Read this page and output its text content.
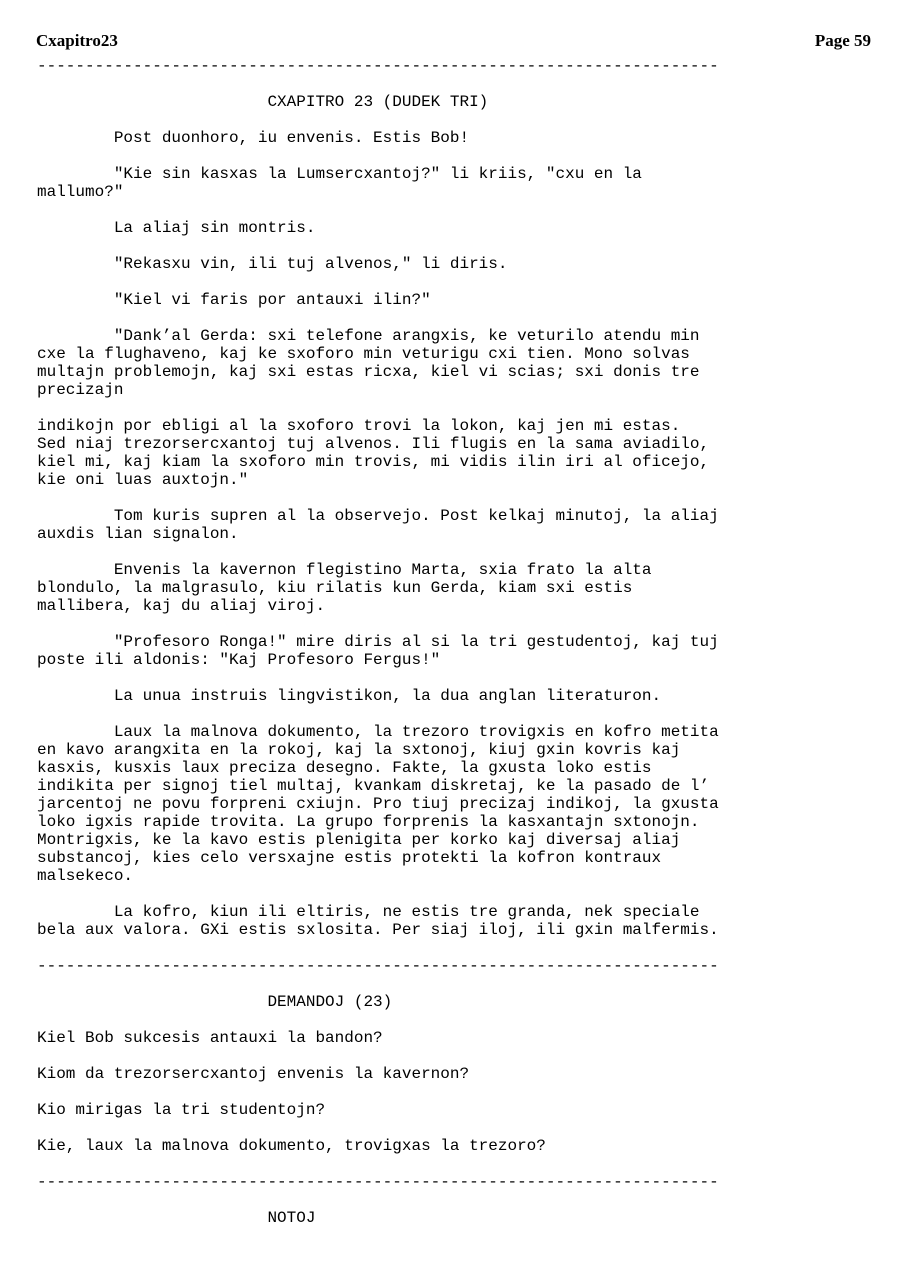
Cxapitro23	Page 59
-----------------------------------------------------------------------
CXAPITRO 23 (DUDEK TRI)
Post duonhoro, iu envenis. Estis Bob!
"Kie sin kasxas la Lumsercxantoj?" li kriis, "cxu en la
mallumo?"
La aliaj sin montris.
"Rekasxu vin, ili tuj alvenos," li diris.
"Kiel vi faris por antauxi ilin?"
"Dank’al Gerda: sxi telefone arangxis, ke veturilo atendu min
cxe la flughaveno, kaj ke sxoforo min veturigu cxi tien. Mono solvas
multajn problemojn, kaj sxi estas ricxa, kiel vi scias; sxi donis tre
precizajn
indikojn por ebligi al la sxoforo trovi la lokon, kaj jen mi estas.
Sed niaj trezorsercxantoj tuj alvenos. Ili flugis en la sama aviadilo,
kiel mi, kaj kiam la sxoforo min trovis, mi vidis ilin iri al oficejo,
kie oni luas auxtojn."
Tom kuris supren al la observejo. Post kelkaj minutoj, la aliaj
auxdis lian signalon.
Envenis la kavernon flegistino Marta, sxia frato la alta
blondulo, la malgrasulo, kiu rilatis kun Gerda, kiam sxi estis
mallibera, kaj du aliaj viroj.
"Profesoro Ronga!" mire diris al si la tri gestudentoj, kaj tuj
poste ili aldonis: "Kaj Profesoro Fergus!"
La unua instruis lingvistikon, la dua anglan literaturon.
Laux la malnova dokumento, la trezoro trovigxis en kofro metita
en kavo arangxita en la rokoj, kaj la sxtonoj, kiuj gxin kovris kaj
kasxis, kusxis laux preciza desegno. Fakte, la gxusta loko estis
indikita per signoj tiel multaj, kvankam diskretaj, ke la pasado de l’
jarcentoj ne povu forpreni cxiujn. Pro tiuj precizaj indikoj, la gxusta
loko igxis rapide trovita. La grupo forprenis la kasxantajn sxtonojn.
Montrigxis, ke la kavo estis plenigita per korko kaj diversaj aliaj
substancoj, kies celo versxajne estis protekti la kofron kontraux
malsekeco.
La kofro, kiun ili eltiris, ne estis tre granda, nek speciale
bela aux valora. GXi estis sxlosita. Per siaj iloj, ili gxin malfermis.
-----------------------------------------------------------------------
DEMANDOJ (23)
Kiel Bob sukcesis antauxi la bandon?
Kiom da trezorsercxantoj envenis la kavernon?
Kio mirigas la tri studentojn?
Kie, laux la malnova dokumento, trovigxas la trezoro?
-----------------------------------------------------------------------
NOTOJ
